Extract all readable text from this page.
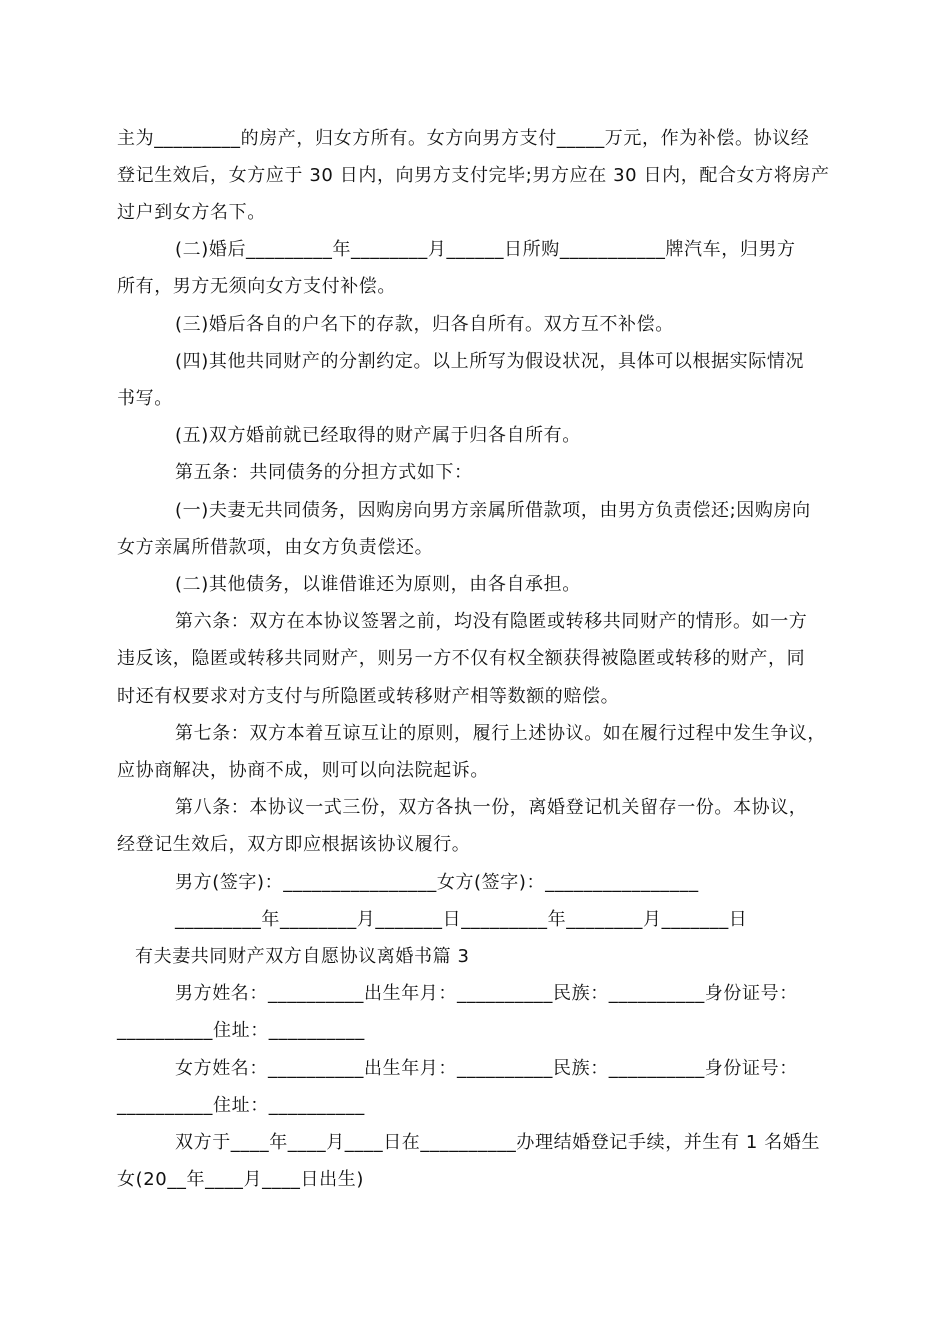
主为_________的房产，归女方所有。女方向男方支付_____万元，作为补偿。协议经
登记生效后，女方应于 30 日内，向男方支付完毕;男方应在 30 日内，配合女方将房产
过户到女方名下。
(二)婚后_________年________月______日所购___________牌汽车，归男方
所有，男方无须向女方支付补偿。
(三)婚后各自的户名下的存款，归各自所有。双方互不补偿。
(四)其他共同财产的分割约定。以上所写为假设状况，具体可以根据实际情况
书写。
(五)双方婚前就已经取得的财产属于归各自所有。
第五条：共同债务的分担方式如下：
(一)夫妻无共同债务，因购房向男方亲属所借款项，由男方负责偿还;因购房向
女方亲属所借款项，由女方负责偿还。
(二)其他债务，以谁借谁还为原则，由各自承担。
第六条：双方在本协议签署之前，均没有隐匿或转移共同财产的情形。如一方
违反该，隐匿或转移共同财产，则另一方不仅有权全额获得被隐匿或转移的财产，同
时还有权要求对方支付与所隐匿或转移财产相等数额的赔偿。
第七条：双方本着互谅互让的原则，履行上述协议。如在履行过程中发生争议，
应协商解决，协商不成，则可以向法院起诉。
第八条：本协议一式三份，双方各执一份，离婚登记机关留存一份。本协议，
经登记生效后，双方即应根据该协议履行。
男方(签字)：________________女方(签字)：________________
_________年________月_______日_________年________月_______日
有夫妻共同财产双方自愿协议离婚书篇 3
男方姓名：__________出生年月：__________民族：__________身份证号：
__________住址：__________
女方姓名：__________出生年月：__________民族：__________身份证号：
__________住址：__________
双方于____年____月____日在__________办理结婚登记手续，并生有 1 名婚生
女(20__年____月____日出生)
